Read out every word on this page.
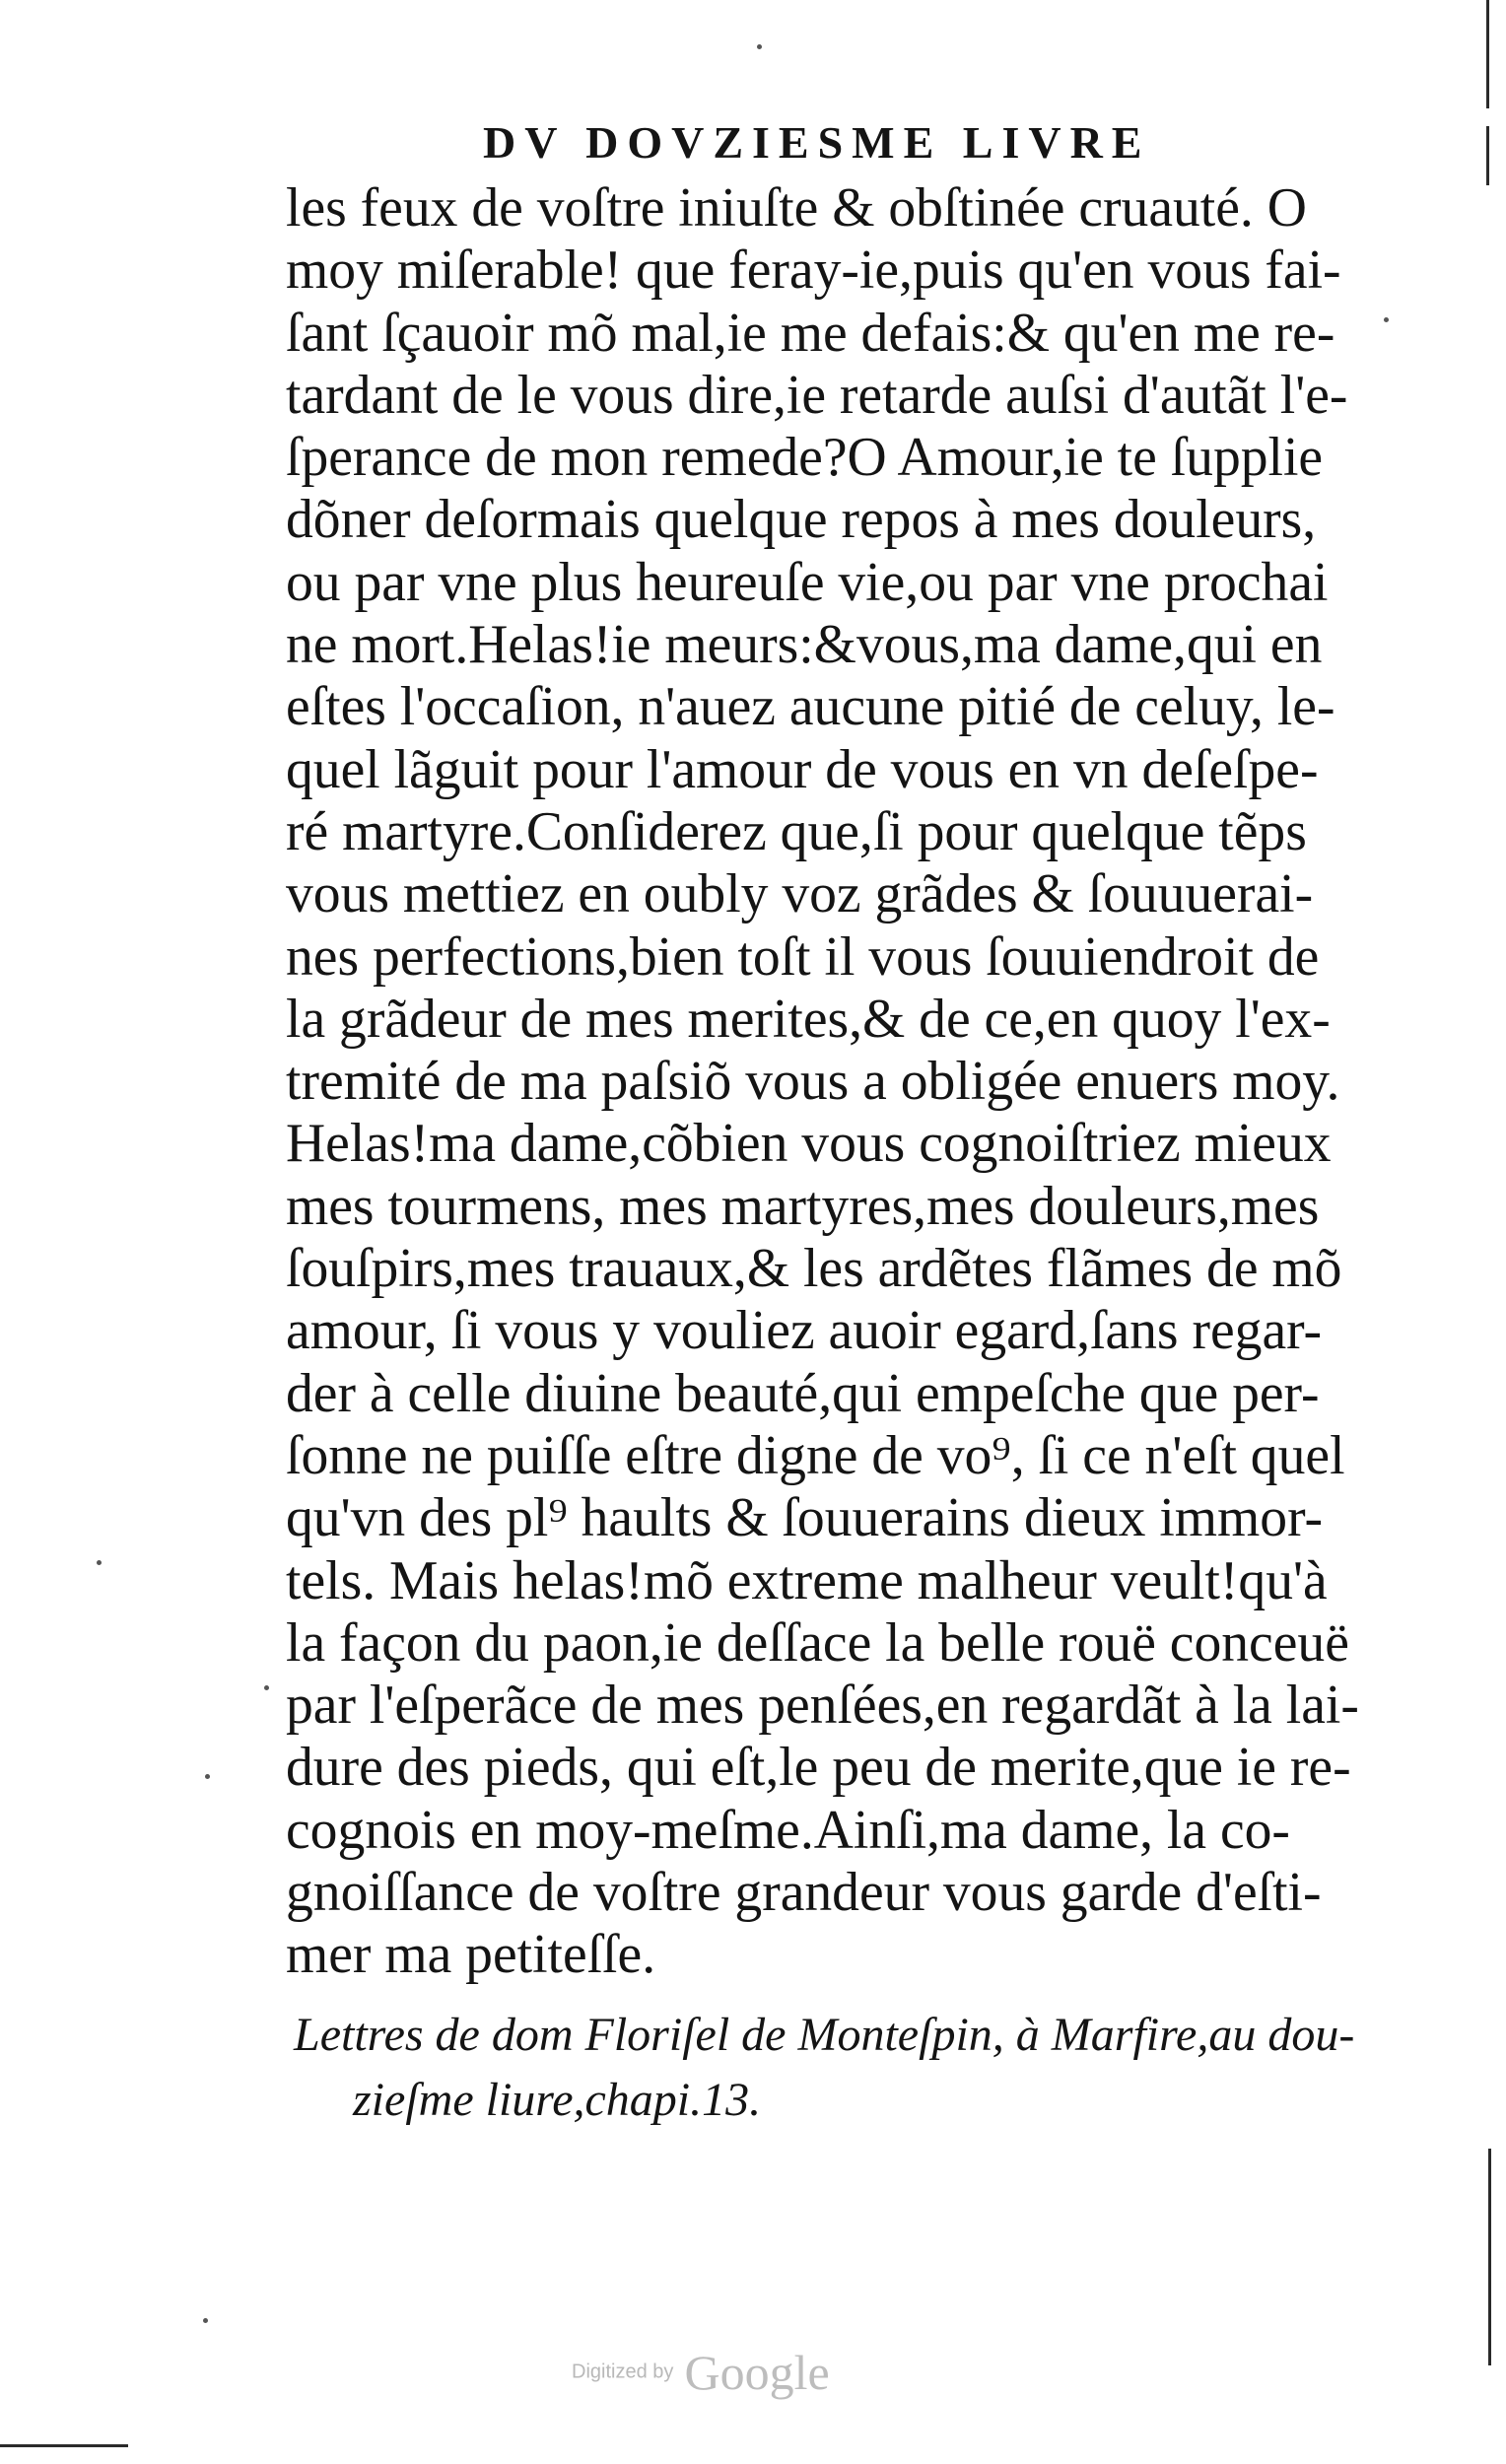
DV DOVZIESME LIVRE
les feux de voſtre iniuſte & obſtinée cruauté. O
moy miſerable! que feray-ie,puis qu'en vous fai-
ſant ſçauoir mõ mal,ie me defais:& qu'en me re-
tardant de le vous dire,ie retarde auſsi d'autãt l'e-
ſperance de mon remede?O Amour,ie te ſupplie
dõner deſormais quelque repos à mes douleurs,
ou par vne plus heureuſe vie,ou par vne prochai
ne mort.Helas!ie meurs:&vous,ma dame,qui en
eſtes l'occaſion, n'auez aucune pitié de celuy, le-
quel lãguit pour l'amour de vous en vn deſeſpe-
ré martyre.Conſiderez que,ſi pour quelque tẽps
vous mettiez en oubly voz grãdes & ſouuuerai-
nes perfections,bien toſt il vous ſouuiendroit de
la grãdeur de mes merites,& de ce,en quoy l'ex-
tremité de ma paſsiõ vous a obligée enuers moy.
Helas!ma dame,cõbien vous cognoiſtriez mieux
mes tourmens, mes martyres,mes douleurs,mes
ſouſpirs,mes trauaux,& les ardẽtes flãmes de mõ
amour, ſi vous y vouliez auoir egard,ſans regar-
der à celle diuine beauté,qui empeſche que per-
ſonne ne puiſſe eſtre digne de vo⁹, ſi ce n'eſt quel
qu'vn des pl⁹ haults & ſouuerains dieux immor-
tels. Mais helas!mõ extreme malheur veult!qu'à
la façon du paon,ie deſſace la belle rouë conceuë
par l'eſperãce de mes penſées,en regardãt à la lai-
dure des pieds, qui eſt,le peu de merite,que ie re-
cognois en moy-meſme.Ainſi,ma dame, la co-
gnoiſſance de voſtre grandeur vous garde d'eſti-
mer ma petiteſſe.
Lettres de dom Floriſel de Monteſpin, à Marfire,au dou-
zieſme liure,chapi.13.
Digitized by Google
